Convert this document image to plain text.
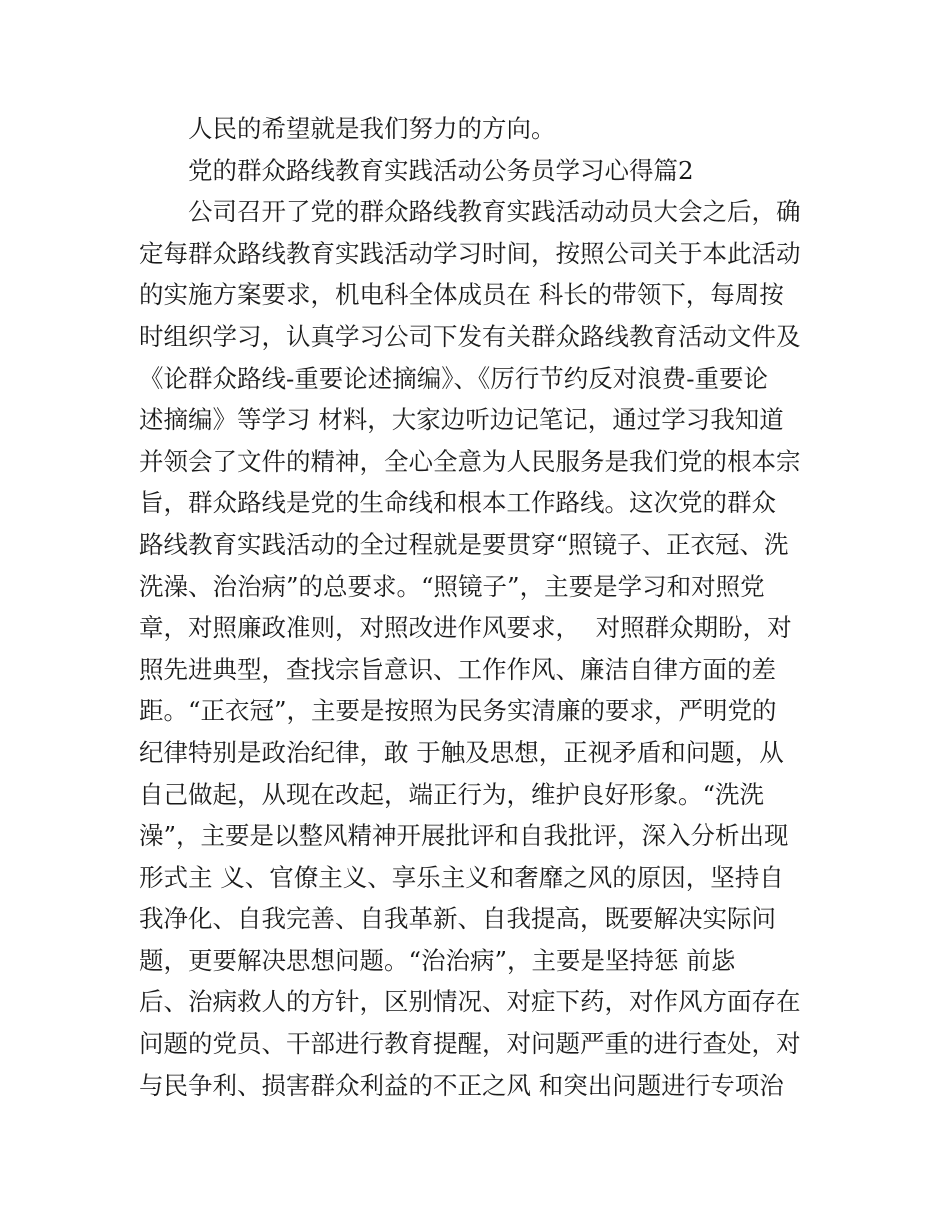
人民的希望就是我们努力的方向。
党的群众路线教育实践活动公务员学习心得篇2
公司召开了党的群众路线教育实践活动动员大会之后，确
定每群众路线教育实践活动学习时间，按照公司关于本此活动
的实施方案要求，机电科全体成员在 科长的带领下，每周按
时组织学习，认真学习公司下发有关群众路线教育活动文件及
《论群众路线-重要论述摘编》、《厉行节约反对浪费-重要论
述摘编》等学习 材料，大家边听边记笔记，通过学习我知道
并领会了文件的精神，全心全意为人民服务是我们党的根本宗
旨，群众路线是党的生命线和根本工作路线。这次党的群众
路线教育实践活动的全过程就是要贯穿“照镜子、正衣冠、洗
洗澡、治治病”的总要求。“照镜子”，主要是学习和对照党
章，对照廉政准则，对照改进作风要求，  对照群众期盼，对
照先进典型，查找宗旨意识、工作作风、廉洁自律方面的差
距。“正衣冠”，主要是按照为民务实清廉的要求，严明党的
纪律特别是政治纪律，敢 于触及思想，正视矛盾和问题，从
自己做起，从现在改起，端正行为，维护良好形象。“洗洗
澡”，主要是以整风精神开展批评和自我批评，深入分析出现
形式主 义、官僚主义、享乐主义和奢靡之风的原因，坚持自
我净化、自我完善、自我革新、自我提高，既要解决实际问
题，更要解决思想问题。“治治病”，主要是坚持惩 前毖
后、治病救人的方针，区别情况、对症下药，对作风方面存在
问题的党员、干部进行教育提醒，对问题严重的进行查处，对
与民争利、损害群众利益的不正之风 和突出问题进行专项治
